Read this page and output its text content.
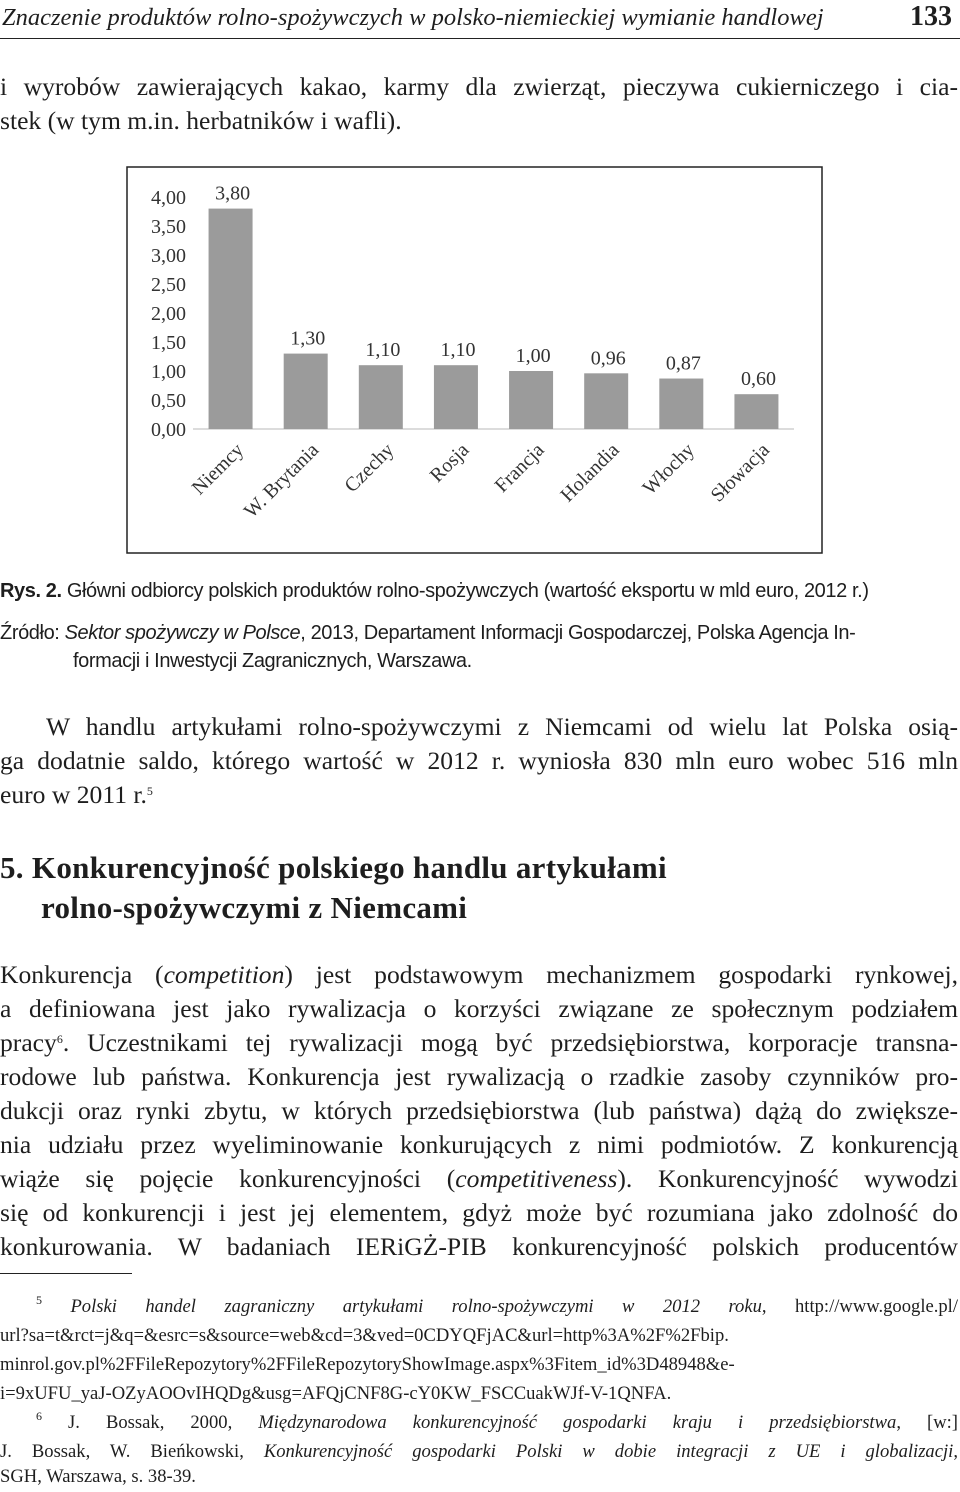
Znaczenie produktów rolno-spożywczych w polsko-niemieckiej wymianie handlowej	133
i wyrobów zawierających kakao, karmy dla zwierząt, pieczywa cukierniczego i cia-
stek (w tym m.in. herbatników i wafli).
0,00
0,50
1,00
1,50
2,00
2,50
3,00
3,50
4,00 3,80
1,30
1,10 1,10 1,00 0,96 0,87
0,60
Niemcy
W. Brytania Czechy Rosja Francja Holandia Włochy Słowacja
Rys. 2. Główni odbiorcy polskich produktów rolno-spożywczych (wartość eksportu w mld euro, 2012 r.)
Źródło: Sektor spożywczy w Polsce, 2013, Departament Informacji Gospodarczej, Polska Agencja In-
formacji i Inwestycji Zagranicznych, Warszawa.
W handlu artykułami rolno-spożywczymi z Niemcami od wielu lat Polska osią-
ga dodatnie saldo, którego wartość w 2012 r. wyniosła 830 mln euro wobec 516 mln
euro w 2011 r.$^5$
5. Konkurencyjność polskiego handlu artykułami
rolno-spożywczymi z Niemcami
Konkurencja (competition) jest podstawowym mechanizmem gospodarki rynkowej,
a definiowana jest jako rywalizacja o korzyści związane ze społecznym podziałem
pracy$^6$. Uczestnikami tej rywalizacji mogą być przedsiębiorstwa, korporacje transna-
rodowe lub państwa. Konkurencja jest rywalizacją o rzadkie zasoby czynników pro-
dukcji oraz rynki zbytu, w których przedsiębiorstwa (lub państwa) dążą do zwiększe-
nia udziału przez wyeliminowanie konkurujących z nimi podmiotów. Z konkurencją
wiąże się pojęcie konkurencyjności (competitiveness). Konkurencyjność wywodzi
się od konkurencji i jest jej elementem, gdyż może być rozumiana jako zdolność do
konkurowania. W badaniach IERiGŻ-PIB konkurencyjność polskich producentów
$^5$ Polski handel zagraniczny artykułami rolno-spożywczymi w 2012 roku, http://www.google.pl/
url?sa=t&rct=j&q=&esrc=s&source=web&cd=3&ved=0CDYQFjAC&url=http%3A%2F%2Fbip.
minrol.gov.pl%2FFileRepozytory%2FFileRepozytoryShowImage.aspx%3Fitem_id%3D48948&e-
i=9xUFU_yaJ-OZyAOOvIHQDg&usg=AFQjCNF8G-cY0KW_FSCCuakWJf-V-1QNFA.
$^6$ J. Bossak, 2000, Międzynarodowa konkurencyjność gospodarki kraju i przedsiębiorstwa, [w:]
J. Bossak, W. Bieńkowski, Konkurencyjność gospodarki Polski w dobie integracji z UE i globalizacji,
SGH, Warszawa, s. 38-39.
